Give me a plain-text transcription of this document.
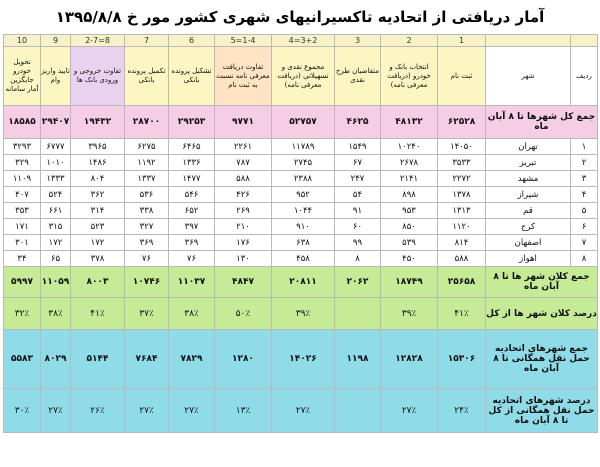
آمار دریافتی از اتحادیه تاکسیرانیهای شهری کشور مور خ ۱۳۹۵/۸/۸
		1	2	3	3+2=4	1-4=5	6	7	8=2-7	9	10
ردیف	شهر	ثبت نام	انتخاب بانک و خودرو (دریافت معرفی نامه)	متقاضیان طرح نقدی	مجموع نقدی و تسهیلاتی (دریافت معرفی نامه)	تفاوت دریافت معرفی نامه نسبت به ثبت نام	تشکیل پرونده بانکی	تکمیل پرونده بانکی	تفاوت خروجی و ورودی بانک ها	تایید واریز وام	تحویل خودرو جایگزین آمار سامانه
جمع کل شهرها تا ۸ آبان ماه		۶۲۵۲۸	۴۸۱۳۲	۴۶۲۵	۵۲۷۵۷	۹۷۷۱	۲۹۲۵۳	۲۸۷۰۰	۱۹۴۳۲	۲۹۴۰۷	۱۸۵۸۵
۱	تهران	۱۴۰۵۰	۱۰۲۴۰	۱۵۴۹	۱۱۷۸۹	۲۲۶۱	۶۴۶۵	۶۲۷۵	۳۹۶۵	۶۷۷۷	۳۲۹۳
۲	تبریز	۳۵۳۳	۲۶۷۸	۶۷	۲۷۴۵	۷۸۷	۱۳۳۶	۱۱۹۲	۱۴۸۶	۱۰۱۰	۳۲۹
۳	مشهد	۲۲۷۲	۲۱۴۱	۲۴۷	۲۳۸۸	۵۸۸	۱۴۷۷	۱۳۳۷	۸۰۴	۱۳۳۳	۱۱۰۹
۴	شیراز	۱۳۷۸	۸۹۸	۵۴	۹۵۲	۴۲۶	۵۴۶	۵۳۶	۳۶۲	۵۲۴	۴۰۷
۵	قم	۱۳۱۳	۹۵۳	۹۱	۱۰۴۴	۲۶۹	۶۵۲	۳۳۸	۳۱۴	۶۶۱	۳۵۳
۶	کرج	۱۱۲۰	۸۵۰	۶۰	۹۱۰	۲۱۰	۳۹۷	۳۲۷	۵۲۳	۳۱۵	۱۷۱
۷	اصفهان	۸۱۴	۵۳۹	۹۹	۶۳۸	۱۷۶	۳۶۹	۳۶۹	۱۷۲	۱۷۲	۳۰۱
۸	اهواز	۵۸۸	۴۵۰	۸	۴۵۸	۱۳۰	۷۶	۷۶	۳۷۸	۶۵	۳۴
جمع کلان شهر ها تا ۸ آبان ماه		۲۵۶۵۸	۱۸۷۴۹	۲۰۶۲	۲۰۸۱۱	۴۸۴۷	۱۱۰۳۷	۱۰۷۴۶	۸۰۰۳	۱۱۰۵۹	۵۹۹۷
درصد کلان شهر ها از کل		۴۱٪	۳۹٪		۳۹٪	۵۰٪	۳۸٪	۳۷٪	۴۱٪	۳۸٪	۳۲٪
جمع شهرهای اتحادیه حمل نقل همگانی تا ۸ آبان ماه		۱۵۳۰۶	۱۲۸۲۸	۱۱۹۸	۱۴۰۲۶	۱۲۸۰	۷۸۲۹	۷۶۸۴	۵۱۴۴	۸۰۲۹	۵۵۸۳
درصد شهرهای اتحادیه حمل نقل همگانی از کل تا ۸ آبان ماه		۲۴٪	۲۷٪		۲۷٪	۱۳٪	۲۷٪	۲۷٪	۲۶٪	۲۷٪	۳۰٪
